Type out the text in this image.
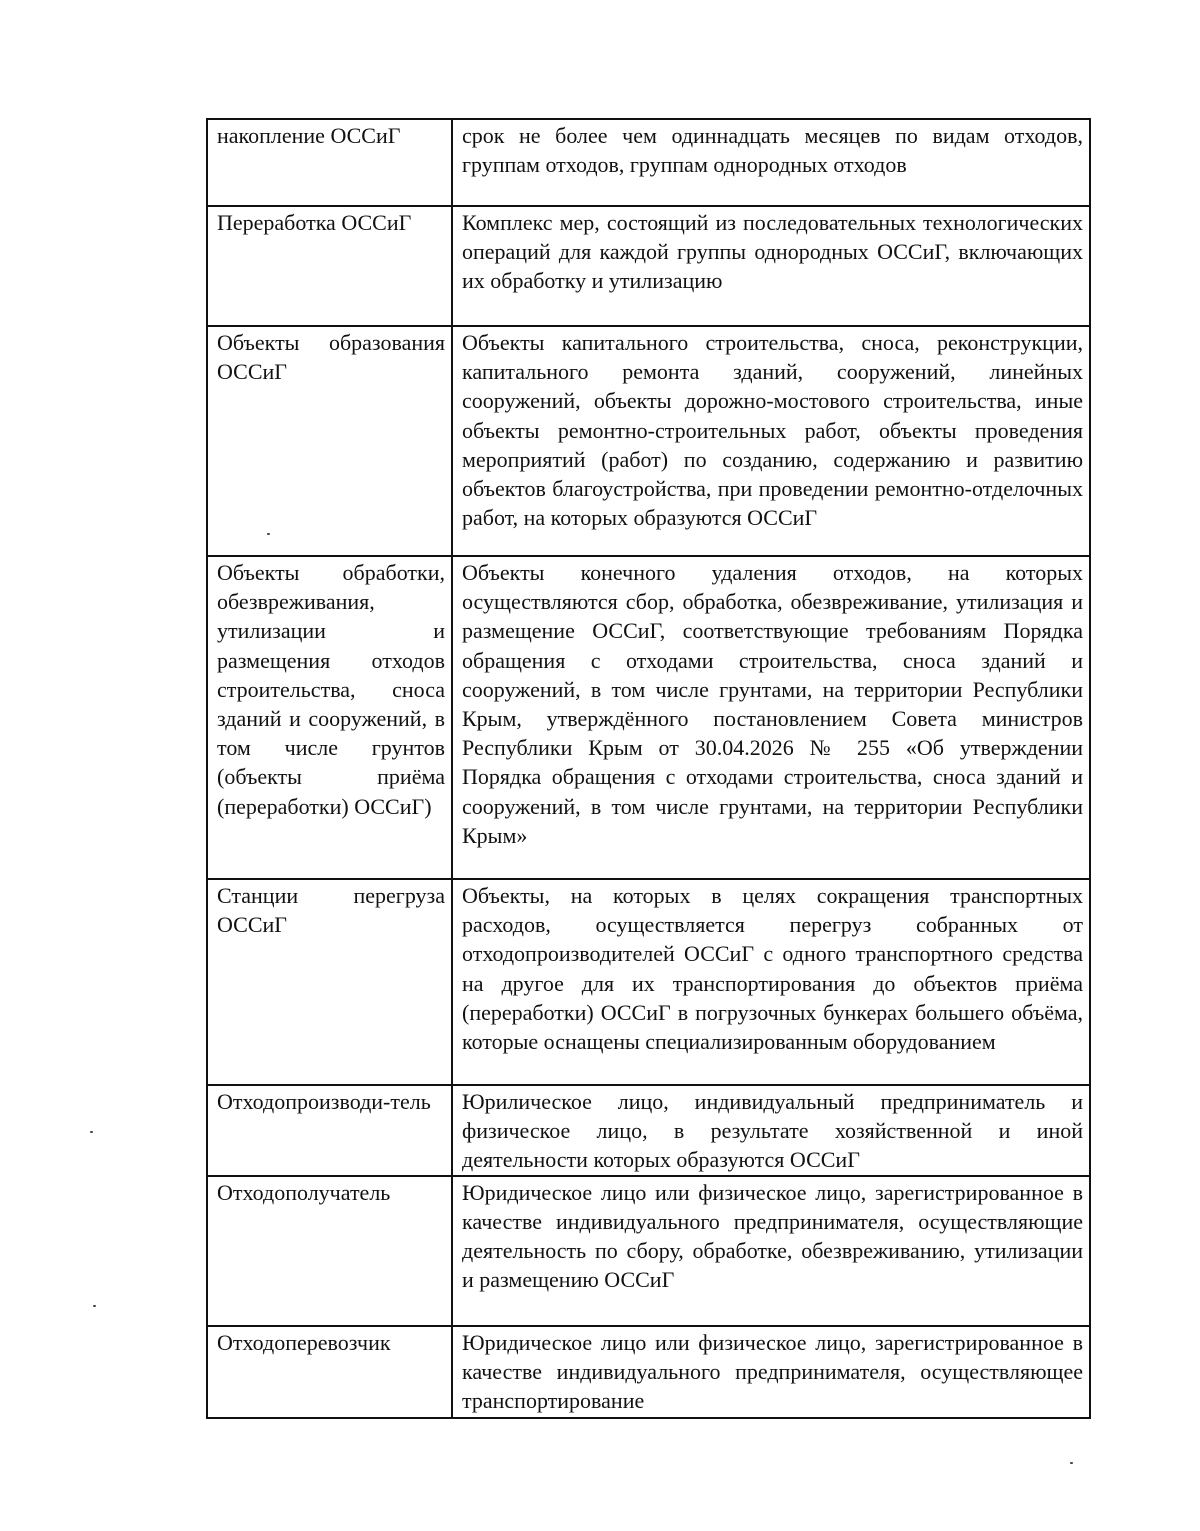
накопление ОССиГ	срок не более чем одиннадцать месяцев по видам отходов, группам отходов, группам однородных отходов
Переработка ОССиГ	Комплекс мер, состоящий из последовательных технологических операций для каждой группы однородных ОССиГ, включающих их обработку и утилизацию
Объекты образования ОССиГ	Объекты капитального строительства, сноса, реконструкции, капитального ремонта зданий, сооружений, линейных сооружений, объекты дорожно-мостового строительства, иные объекты ремонтно-строительных работ, объекты проведения мероприятий (работ) по созданию, содержанию и развитию объектов благоустройства, при проведении ремонтно-отделочных работ, на которых образуются ОССиГ
Объекты обработки, обезвреживания, утилизации и размещения отходов строительства, сноса зданий и сооружений, в том числе грунтов (объекты приёма (переработки) ОССиГ)	Объекты конечного удаления отходов, на которых осуществляются сбор, обработка, обезвреживание, утилизация и размещение ОССиГ, соответствующие требованиям Порядка обращения с отходами строительства, сноса зданий и сооружений, в том числе грунтами, на территории Республики Крым, утверждённого постановлением Совета министров Республики Крым от 30.04.2026 № 255 «Об утверждении Порядка обращения с отходами строительства, сноса зданий и сооружений, в том числе грунтами, на территории Республики Крым»
Станции перегруза ОССиГ	Объекты, на которых в целях сокращения транспортных расходов, осуществляется перегруз собранных от отходопроизводителей ОССиГ с одного транспортного средства на другое для их транспортирования до объектов приёма (переработки) ОССиГ в погрузочных бункерах большего объёма, которые оснащены специализированным оборудованием
Отходопроизводи-тель	Юрилическое лицо, индивидуальный предприниматель и физическое лицо, в результате хозяйственной и иной деятельности которых образуются ОССиГ
Отходополучатель	Юридическое лицо или физическое лицо, зарегистрированное в качестве индивидуального предпринимателя, осуществляющие деятельность по сбору, обработке, обезвреживанию, утилизации и размещению ОССиГ
Отходоперевозчик	Юридическое лицо или физическое лицо, зарегистрированное в качестве индивидуального предпринимателя, осуществляющее транспортирование
